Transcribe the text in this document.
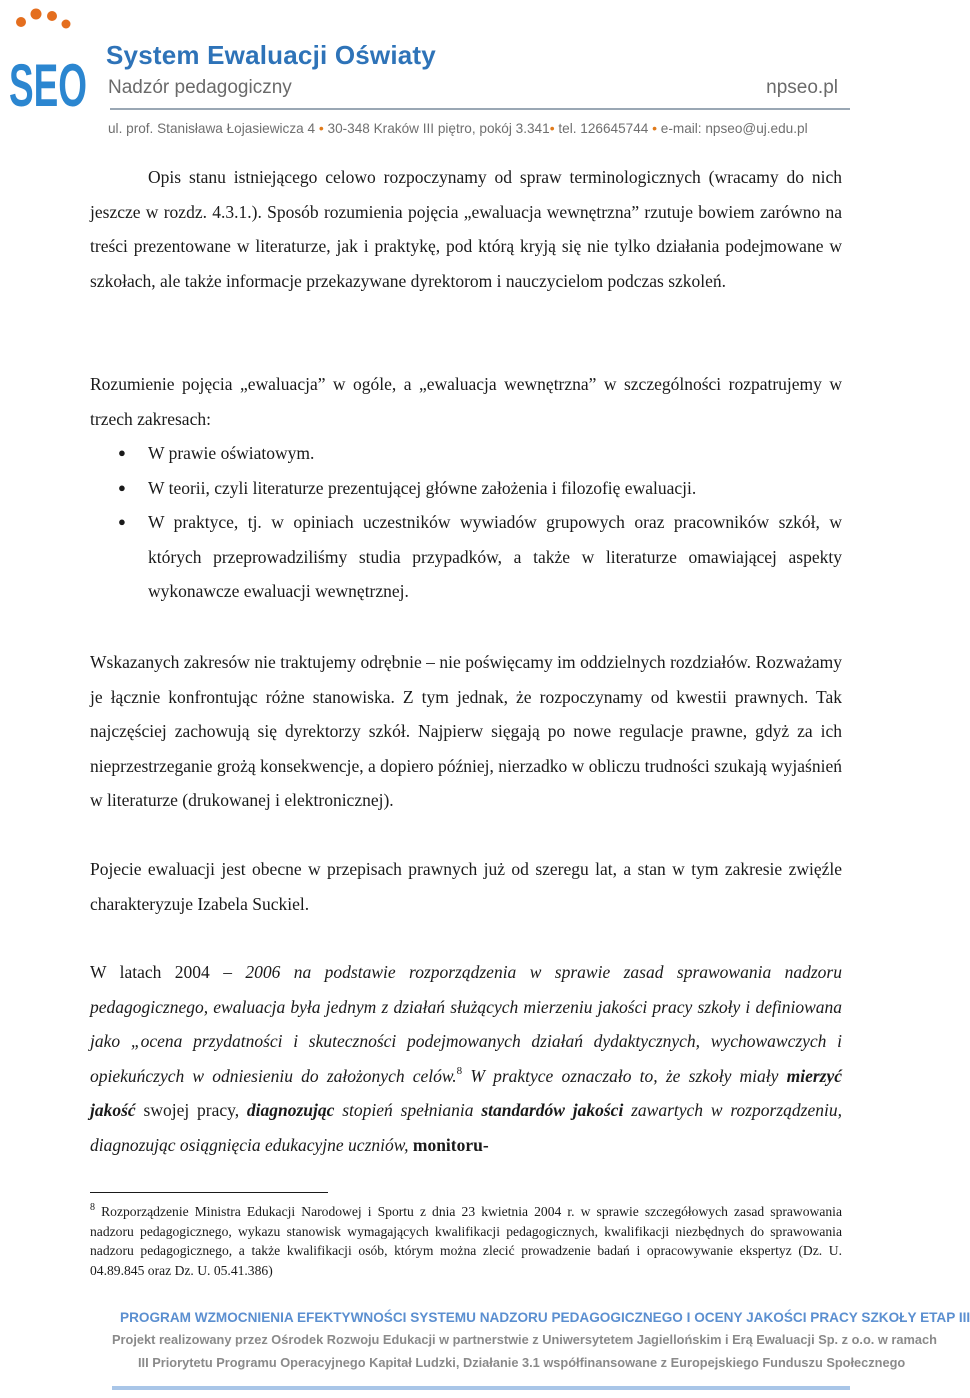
SEO System Ewaluacji Oświaty
Nadzór pedagogiczny	npseo.pl
ul. prof. Stanisława Łojasiewicza 4 • 30-348 Kraków III piętro, pokój 3.341• tel. 126645744 • e-mail: npseo@uj.edu.pl
Opis stanu istniejącego celowo rozpoczynamy od spraw terminologicznych (wracamy do nich jeszcze w rozdz. 4.3.1.). Sposób rozumienia pojęcia „ewaluacja wewnętrzna” rzutuje bowiem zarówno na treści prezentowane w literaturze, jak i praktykę, pod którą kryją się nie tylko działania podejmowane w szkołach, ale także informacje przekazywane dyrektorom i nauczycielom podczas szkoleń.
Rozumienie pojęcia „ewaluacja” w ogóle, a „ewaluacja wewnętrzna” w szczególności rozpatrujemy w trzech zakresach:
● W prawie oświatowym.
● W teorii, czyli literaturze prezentującej główne założenia i filozofię ewaluacji.
● W praktyce, tj. w opiniach uczestników wywiadów grupowych oraz pracowników szkół, w których przeprowadziliśmy studia przypadków, a także w literaturze omawiającej aspekty wykonawcze ewaluacji wewnętrznej.
Wskazanych zakresów nie traktujemy odrębnie – nie poświęcamy im oddzielnych rozdziałów. Rozważamy je łącznie konfrontując różne stanowiska. Z tym jednak, że rozpoczynamy od kwestii prawnych. Tak najczęściej zachowują się dyrektorzy szkół. Najpierw sięgają po nowe regulacje prawne, gdyż za ich nieprzestrzeganie grożą konsekwencje, a dopiero później, nierzadko w obliczu trudności szukają wyjaśnień w literaturze (drukowanej i elektronicznej).
Pojecie ewaluacji jest obecne w przepisach prawnych już od szeregu lat, a stan w tym zakresie zwięźle charakteryzuje Izabela Suckiel.
W latach 2004 – 2006 na podstawie rozporządzenia w sprawie zasad sprawowania nadzoru pedagogicznego, ewaluacja była jednym z działań służących mierzeniu jakości pracy szkoły i definiowana jako „ocena przydatności i skuteczności podejmowanych działań dydaktycznych, wychowawczych i opiekuńczych w odniesieniu do założonych celów.$^8$ W praktyce oznaczało to, że szkoły miały mierzyć jakość swojej pracy, diagnozując stopień spełniania standardów jakości zawartych w rozporządzeniu, diagnozując osiągnięcia edukacyjne uczniów, monitoru-
$^8$ Rozporządzenie Ministra Edukacji Narodowej i Sportu z dnia 23 kwietnia 2004 r. w sprawie szczegółowych zasad sprawowania nadzoru pedagogicznego, wykazu stanowisk wymagających kwalifikacji pedagogicznych, kwalifikacji niezbędnych do sprawowania nadzoru pedagogicznego, a także kwalifikacji osób, którym można zlecić prowadzenie badań i opracowywanie ekspertyz (Dz. U. 04.89.845 oraz Dz. U. 05.41.386)
PROGRAM WZMOCNIENIA EFEKTYWNOŚCI SYSTEMU NADZORU PEDAGOGICZNEGO I OCENY JAKOŚCI PRACY SZKOŁY ETAP III
Projekt realizowany przez Ośrodek Rozwoju Edukacji w partnerstwie z Uniwersytetem Jagiellońskim i Erą Ewaluacji Sp. z o.o. w ramach
III Priorytetu Programu Operacyjnego Kapitał Ludzki, Działanie 3.1 współfinansowane z Europejskiego Funduszu Społecznego
